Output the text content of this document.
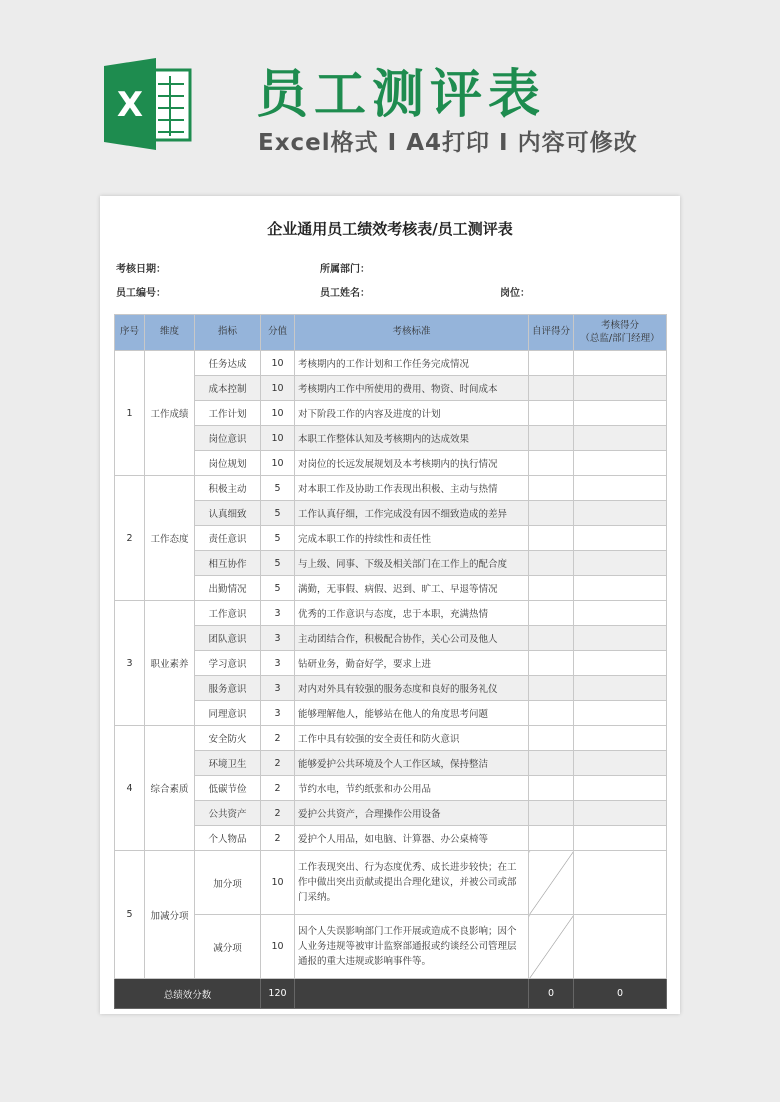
X 员工测评表
Excel格式 I A4打印 I 内容可修改
企业通用员工绩效考核表/员工测评表
考核日期：	所属部门：
员工编号：	员工姓名：	岗位：
序号	维度	指标	分值	考核标准	自评得分	考核得分
（总监/部门经理）

1	工作成绩	任务达成	10	考核期内的工作计划和工作任务完成情况		
		成本控制	10	考核期内工作中所使用的费用、物资、时间成本		
		工作计划	10	对下阶段工作的内容及进度的计划		
		岗位意识	10	本职工作整体认知及考核期内的达成效果		
		岗位规划	10	对岗位的长远发展规划及本考核期内的执行情况		
2	工作态度	积极主动	5	对本职工作及协助工作表现出积极、主动与热情		
		认真细致	5	工作认真仔细，工作完成没有因不细致造成的差异		
		责任意识	5	完成本职工作的持续性和责任性		
		相互协作	5	与上级、同事、下级及相关部门在工作上的配合度		
		出勤情况	5	满勤，无事假、病假、迟到、旷工、早退等情况		
3	职业素养	工作意识	3	优秀的工作意识与态度，忠于本职，充满热情		
		团队意识	3	主动团结合作，积极配合协作，关心公司及他人		
		学习意识	3	钻研业务，勤奋好学，要求上进		
		服务意识	3	对内对外具有较强的服务态度和良好的服务礼仪		
		同理意识	3	能够理解他人，能够站在他人的角度思考问题		
4	综合素质	安全防火	2	工作中具有较强的安全责任和防火意识		
		环境卫生	2	能够爱护公共环境及个人工作区域，保持整洁		
		低碳节俭	2	节约水电，节约纸张和办公用品		
		公共资产	2	爱护公共资产，合理操作公用设备		
		个人物品	2	爱护个人用品，如电脑、计算器、办公桌椅等		
5	加减分项	加分项	10	工作表现突出、行为态度优秀、成长进步较快；在工作中做出突出贡献或提出合理化建议，并被公司或部门采纳。		
		减分项	10	因个人失误影响部门工作开展或造成不良影响；因个人业务违规等被审计监察部通报或约谈经公司管理层通报的重大违规或影响事件等。		
总绩效分数			120		0	0
